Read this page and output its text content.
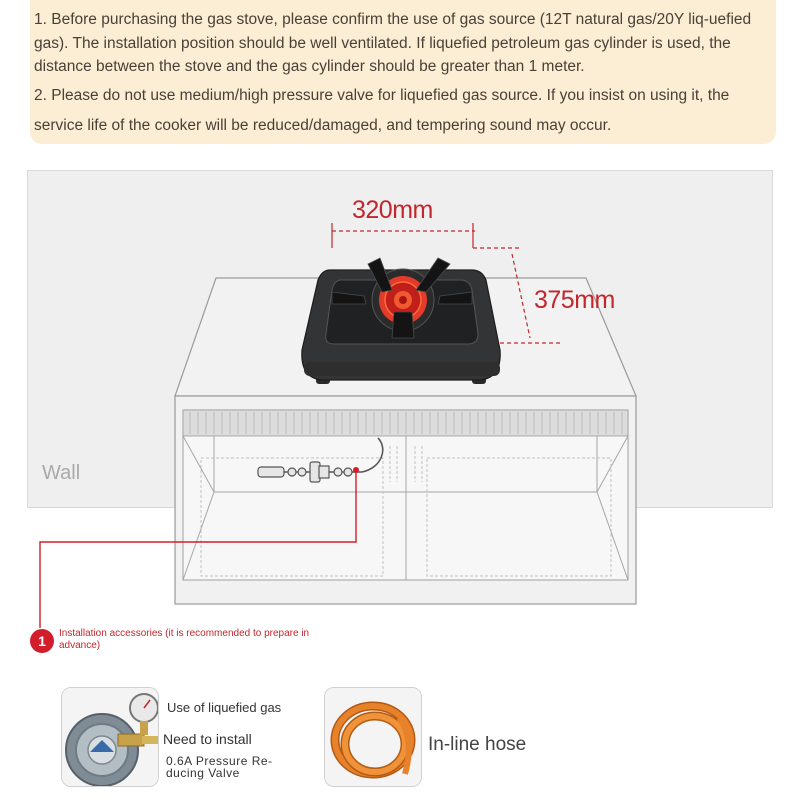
1. Before purchasing the gas stove, please confirm the use of gas source (12T natural gas/20Y liq-uefied gas). The installation position should be well ventilated. If liquefied petroleum gas cylinder is used, the distance between the stove and the gas cylinder should be greater than 1 meter.

2. Please do not use medium/high pressure valve for liquefied gas source. If you insist on using it, the service life of the cooker will be reduced/damaged, and tempering sound may occur.

Wall
320mm
375mm
1	Installation accessories (it is recommended to prepare in advance)
Use of liquefied gas
Need to install
0.6A Pressure Re-ducing Valve
In-line hose
